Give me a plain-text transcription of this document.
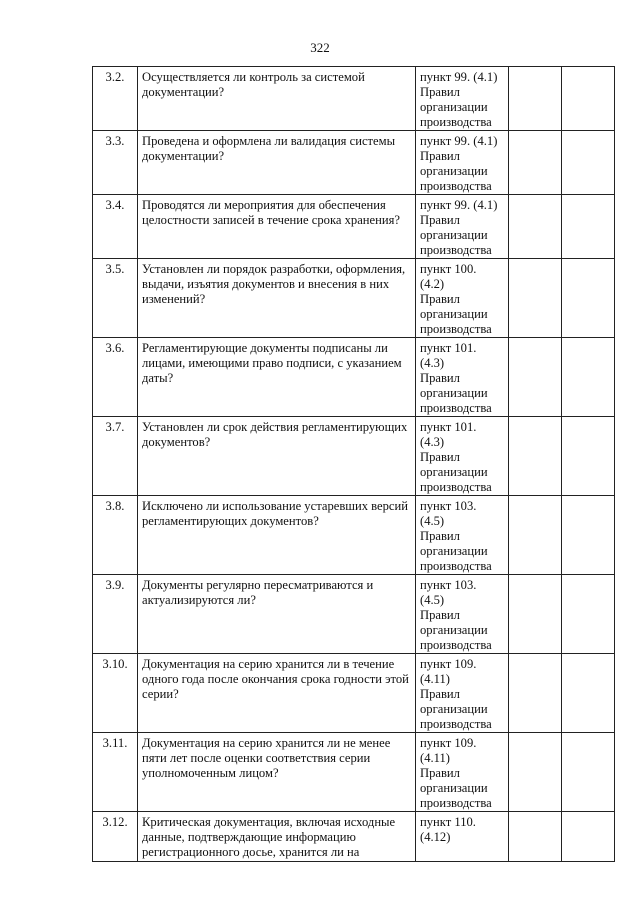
322
3.2.	Осуществляется ли контроль за системой документации?	пункт 99. (4.1)
Правил
организации
производства		

3.3.	Проведена и оформлена ли валидация системы документации?	пункт 99. (4.1)
Правил
организации
производства		

3.4.	Проводятся ли мероприятия для обеспечения целостности записей в течение срока хранения?	пункт 99. (4.1)
Правил
организации
производства		

3.5.	Установлен ли порядок разработки, оформления, выдачи, изъятия документов и внесения в них изменений?	пункт 100.
(4.2)
Правил
организации
производства		

3.6.	Регламентирующие документы подписаны ли лицами, имеющими право подписи, с указанием даты?	пункт 101.
(4.3)
Правил
организации
производства		

3.7.	Установлен ли срок действия регламентирующих документов?	пункт 101.
(4.3)
Правил
организации
производства		

3.8.	Исключено ли использование устаревших версий регламентирующих документов?	пункт 103.
(4.5)
Правил
организации
производства		

3.9.	Документы регулярно пересматриваются и актуализируются ли?	пункт 103.
(4.5)
Правил
организации
производства		

3.10.	Документация на серию хранится ли в течение одного года после окончания срока годности этой серии?	пункт 109.
(4.11)
Правил
организации
производства		

3.11.	Документация на серию хранится ли не менее пяти лет после оценки соответствия серии уполномоченным лицом?	пункт 109.
(4.11)
Правил
организации
производства		

3.12.	Критическая документация, включая исходные данные, подтверждающие информацию регистрационного досье, хранится ли на	пункт 110.
(4.12)		
